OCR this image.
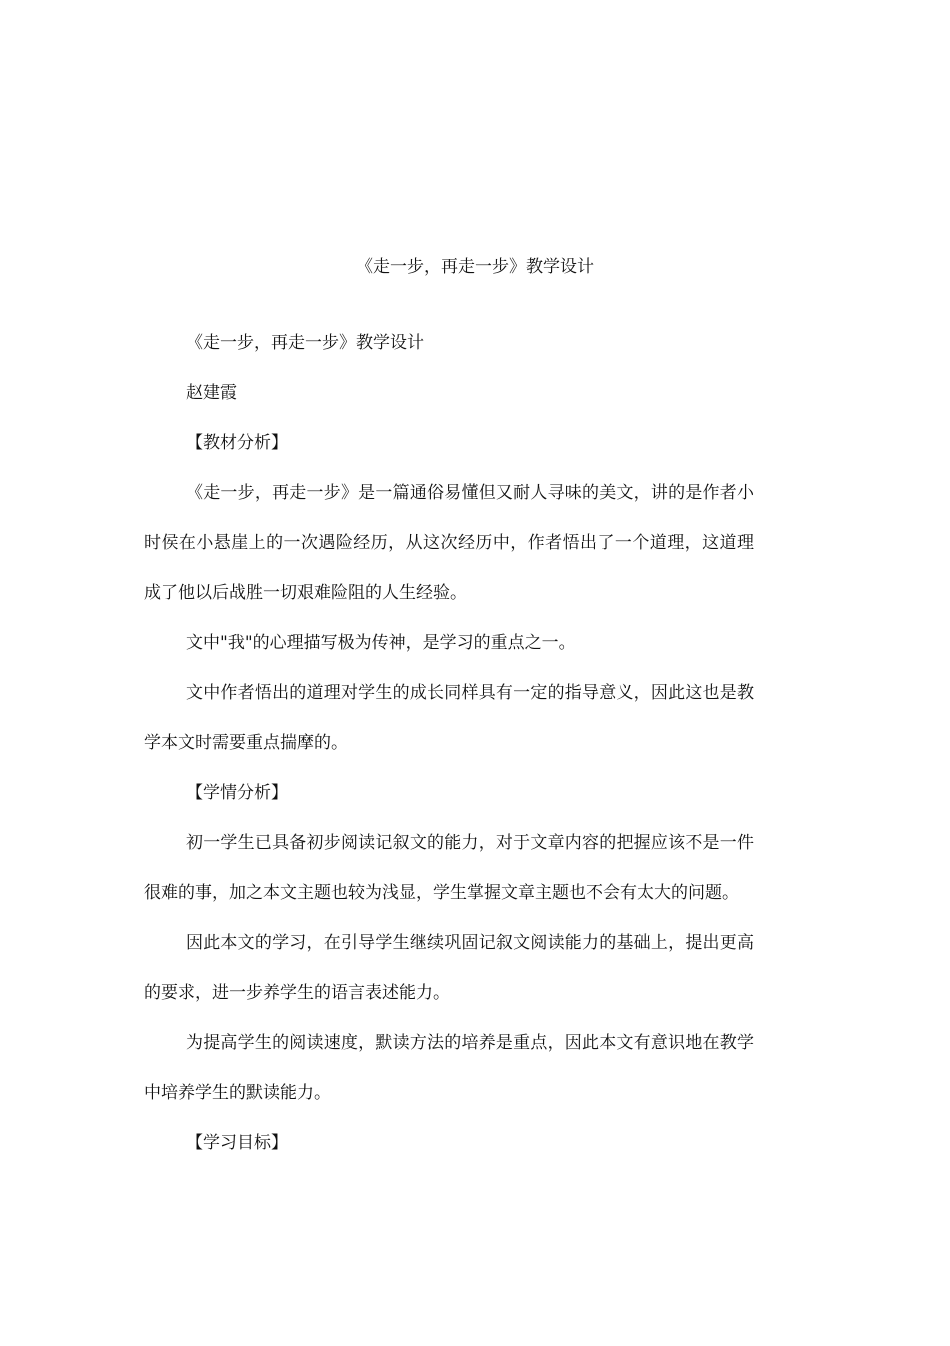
《走一步，再走一步》教学设计

《走一步，再走一步》教学设计

赵建霞

【教材分析】

《走一步，再走一步》是一篇通俗易懂但又耐人寻味的美文，讲的是作者小时侯在小悬崖上的一次遇险经历，从这次经历中，作者悟出了一个道理，这道理成了他以后战胜一切艰难险阻的人生经验。

文中"我"的心理描写极为传神，是学习的重点之一。

文中作者悟出的道理对学生的成长同样具有一定的指导意义，因此这也是教学本文时需要重点揣摩的。

【学情分析】

初一学生已具备初步阅读记叙文的能力，对于文章内容的把握应该不是一件很难的事，加之本文主题也较为浅显，学生掌握文章主题也不会有太大的问题。

因此本文的学习，在引导学生继续巩固记叙文阅读能力的基础上，提出更高的要求，进一步养学生的语言表述能力。

为提高学生的阅读速度，默读方法的培养是重点，因此本文有意识地在教学中培养学生的默读能力。

【学习目标】
